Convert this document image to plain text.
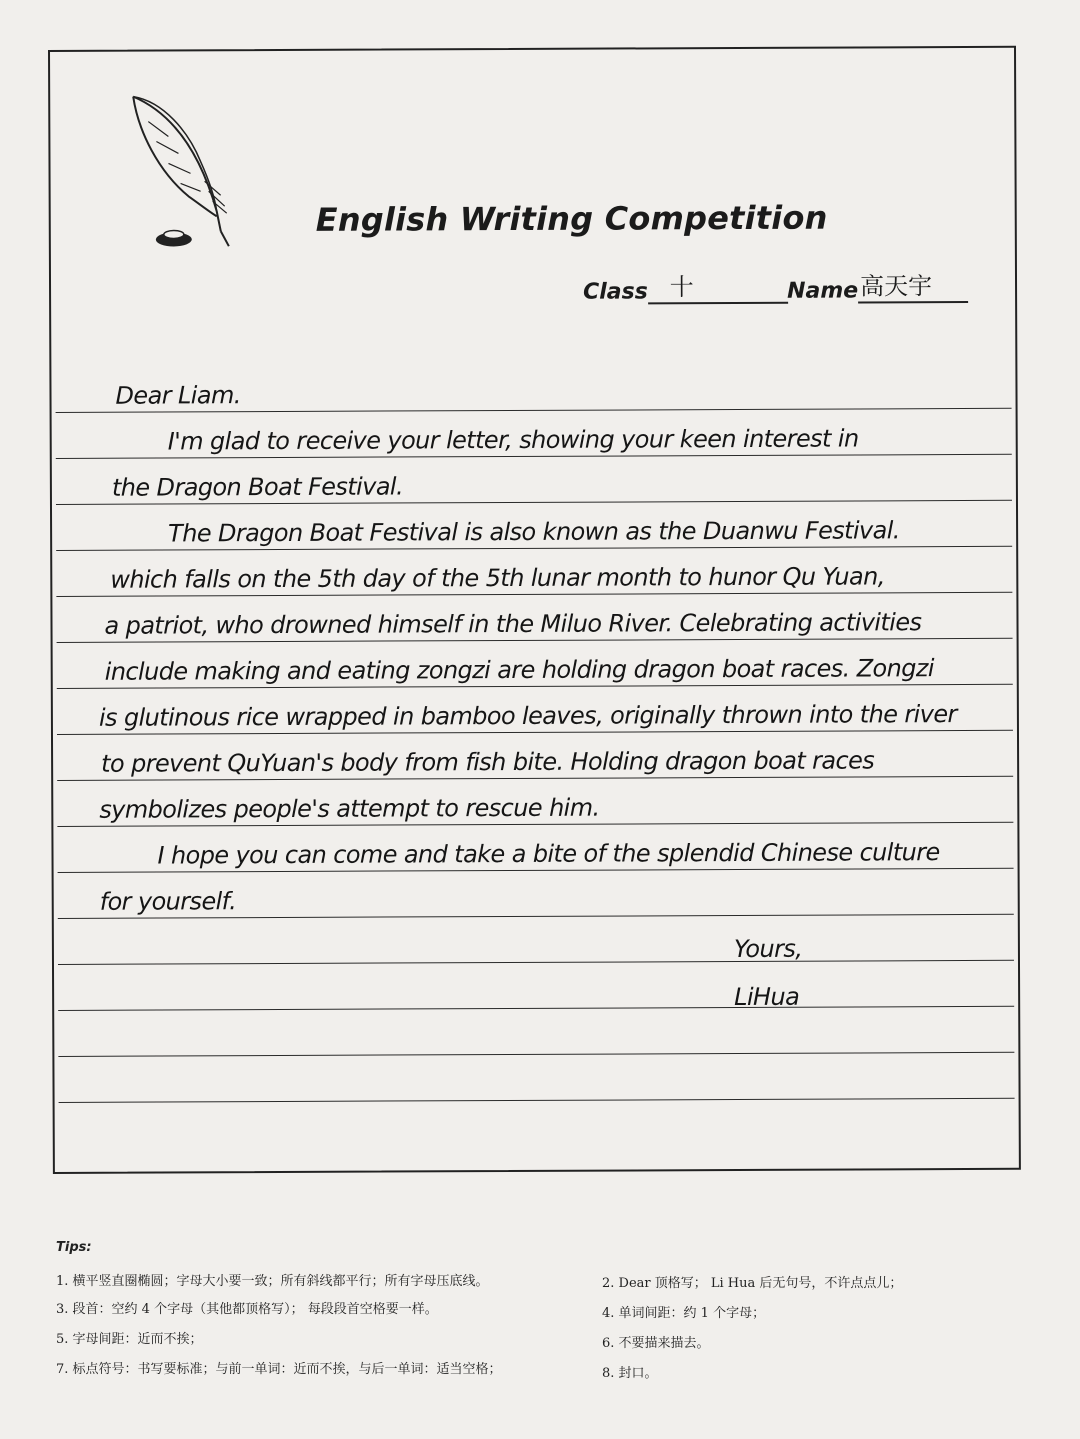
English Writing Competition
Class 十	Name高天宇
Dear Liam.
I'm glad to receive your letter, showing your keen interest in
the Dragon Boat Festival.
The Dragon Boat Festival is also known as the Duanwu Festival.
which falls on the 5th day of the 5th lunar month to hunor Qu Yuan,
a patriot, who drowned himself in the Miluo River. Celebrating activities
include making and eating zongzi are holding dragon boat races. Zongzi
is glutinous rice wrapped in bamboo leaves, originally thrown into the river
to prevent QuYuan's body from fish bite. Holding dragon boat races
symbolizes people's attempt to rescue him.
I hope you can come and take a bite of the splendid Chinese culture
for yourself.
Yours,
LiHua
Tips:
1. 横平竖直圈椭圆；字母大小要一致；所有斜线都平行；所有字母压底线。	2. Dear 顶格写； Li Hua 后无句号，不许点点儿；
3. 段首：空约 4 个字母（其他都顶格写）； 每段段首空格要一样。	4. 单词间距：约 1 个字母；
5. 字母间距：近而不挨；	6. 不要描来描去。
7. 标点符号：书写要标准；与前一单词：近而不挨，与后一单词：适当空格；	8. 封口。
